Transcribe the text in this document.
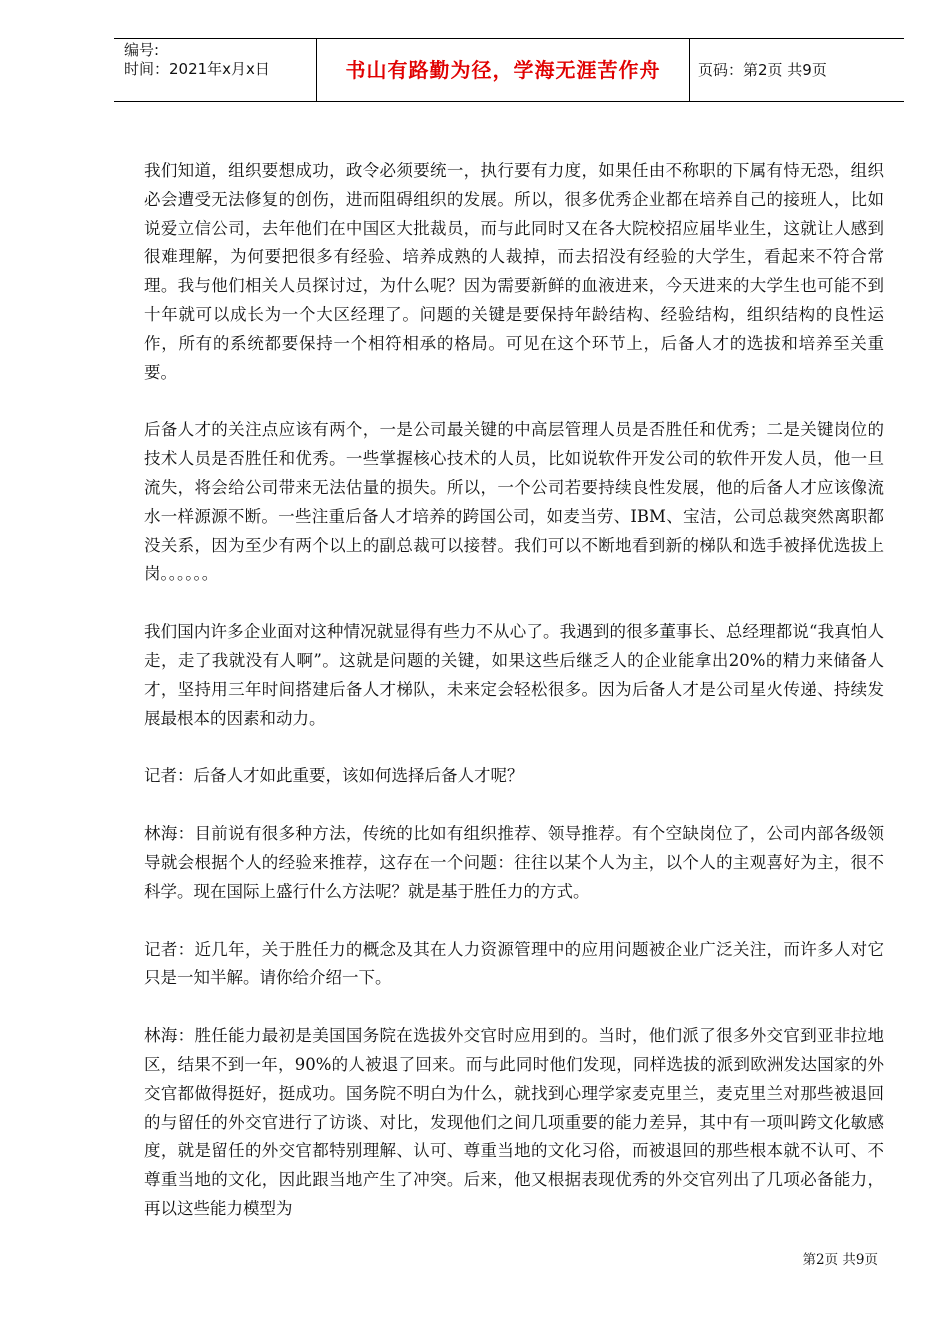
编号:
时间：2021年x月x日	书山有路勤为径，学海无涯苦作舟	页码：第2页 共9页

我们知道，组织要想成功，政令必须要统一，执行要有力度，如果任由不称职的下属有恃无恐，组织必会遭受无法修复的创伤，进而阻碍组织的发展。所以，很多优秀企业都在培养自己的接班人，比如说爱立信公司，去年他们在中国区大批裁员，而与此同时又在各大院校招应届毕业生，这就让人感到很难理解，为何要把很多有经验、培养成熟的人裁掉，而去招没有经验的大学生，看起来不符合常理。我与他们相关人员探讨过，为什么呢？因为需要新鲜的血液进来，今天进来的大学生也可能不到十年就可以成长为一个大区经理了。问题的关键是要保持年龄结构、经验结构，组织结构的良性运作，所有的系统都要保持一个相符相承的格局。可见在这个环节上，后备人才的选拔和培养至关重要。

后备人才的关注点应该有两个，一是公司最关键的中高层管理人员是否胜任和优秀；二是关键岗位的技术人员是否胜任和优秀。一些掌握核心技术的人员，比如说软件开发公司的软件开发人员，他一旦流失，将会给公司带来无法估量的损失。所以，一个公司若要持续良性发展，他的后备人才应该像流水一样源源不断。一些注重后备人才培养的跨国公司，如麦当劳、IBM、宝洁，公司总裁突然离职都没关系，因为至少有两个以上的副总裁可以接替。我们可以不断地看到新的梯队和选手被择优选拔上岗。。。。。。

我们国内许多企业面对这种情况就显得有些力不从心了。我遇到的很多董事长、总经理都说“我真怕人走，走了我就没有人啊”。这就是问题的关键，如果这些后继乏人的企业能拿出20%的精力来储备人才，坚持用三年时间搭建后备人才梯队，未来定会轻松很多。因为后备人才是公司星火传递、持续发展最根本的因素和动力。

记者：后备人才如此重要，该如何选择后备人才呢？

林海：目前说有很多种方法，传统的比如有组织推荐、领导推荐。有个空缺岗位了，公司内部各级领导就会根据个人的经验来推荐，这存在一个问题：往往以某个人为主，以个人的主观喜好为主，很不科学。现在国际上盛行什么方法呢？就是基于胜任力的方式。

记者：近几年，关于胜任力的概念及其在人力资源管理中的应用问题被企业广泛关注，而许多人对它只是一知半解。请你给介绍一下。

林海：胜任能力最初是美国国务院在选拔外交官时应用到的。当时，他们派了很多外交官到亚非拉地区，结果不到一年，90%的人被退了回来。而与此同时他们发现，同样选拔的派到欧洲发达国家的外交官都做得挺好，挺成功。国务院不明白为什么，就找到心理学家麦克里兰，麦克里兰对那些被退回的与留任的外交官进行了访谈、对比，发现他们之间几项重要的能力差异，其中有一项叫跨文化敏感度，就是留任的外交官都特别理解、认可、尊重当地的文化习俗，而被退回的那些根本就不认可、不尊重当地的文化，因此跟当地产生了冲突。后来，他又根据表现优秀的外交官列出了几项必备能力，再以这些能力模型为

第2页 共9页
